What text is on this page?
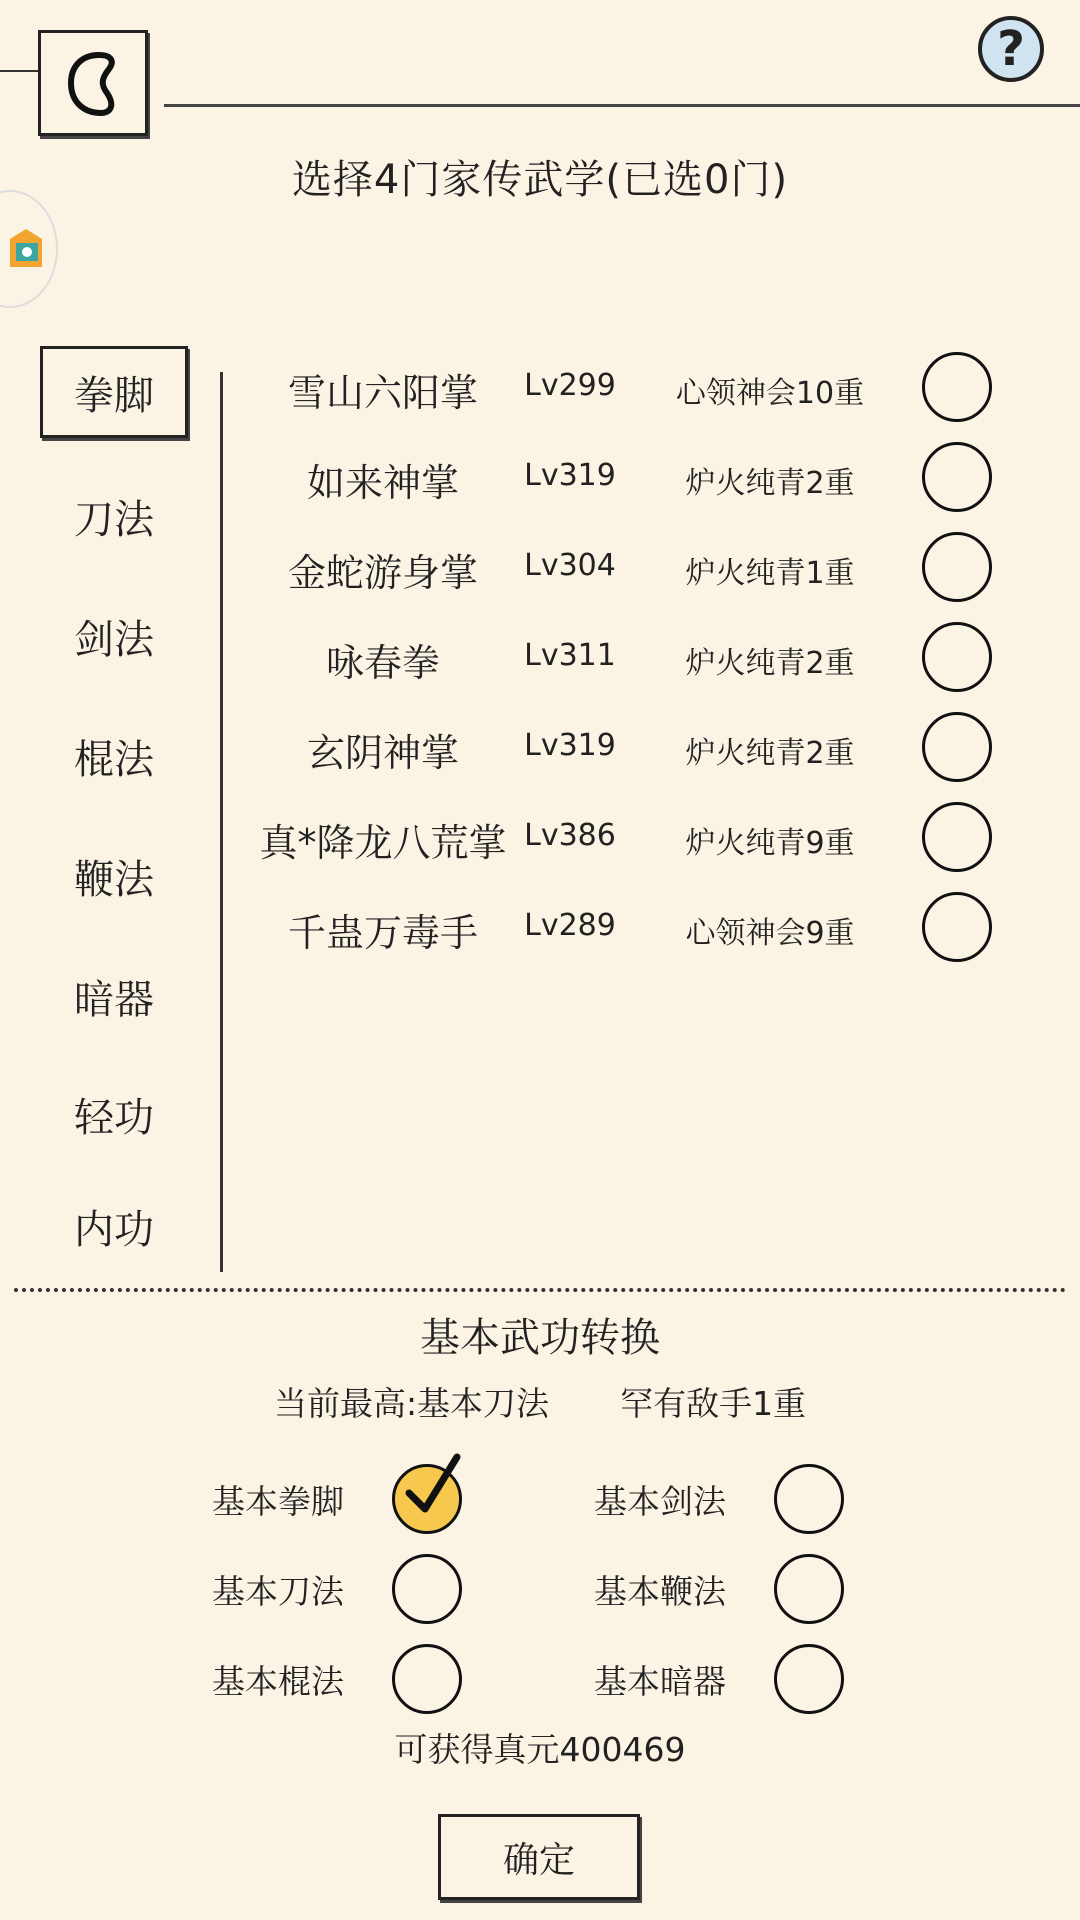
?
选择4门家传武学(已选0门)
拳脚
刀法
剑法
棍法
鞭法
暗器
轻功
内功
雪山六阳掌	Lv299	心领神会10重
如来神掌	Lv319	炉火纯青2重
金蛇游身掌	Lv304	炉火纯青1重
咏春拳	Lv311	炉火纯青2重
玄阴神掌	Lv319	炉火纯青2重
真*降龙八荒掌 Lv386	炉火纯青9重
千蛊万毒手	Lv289	心领神会9重
基本武功转换
当前最高:基本刀法 罕有敌手1重
基本拳脚	基本剑法
基本刀法	基本鞭法
基本棍法	基本暗器
可获得真元400469
确定
